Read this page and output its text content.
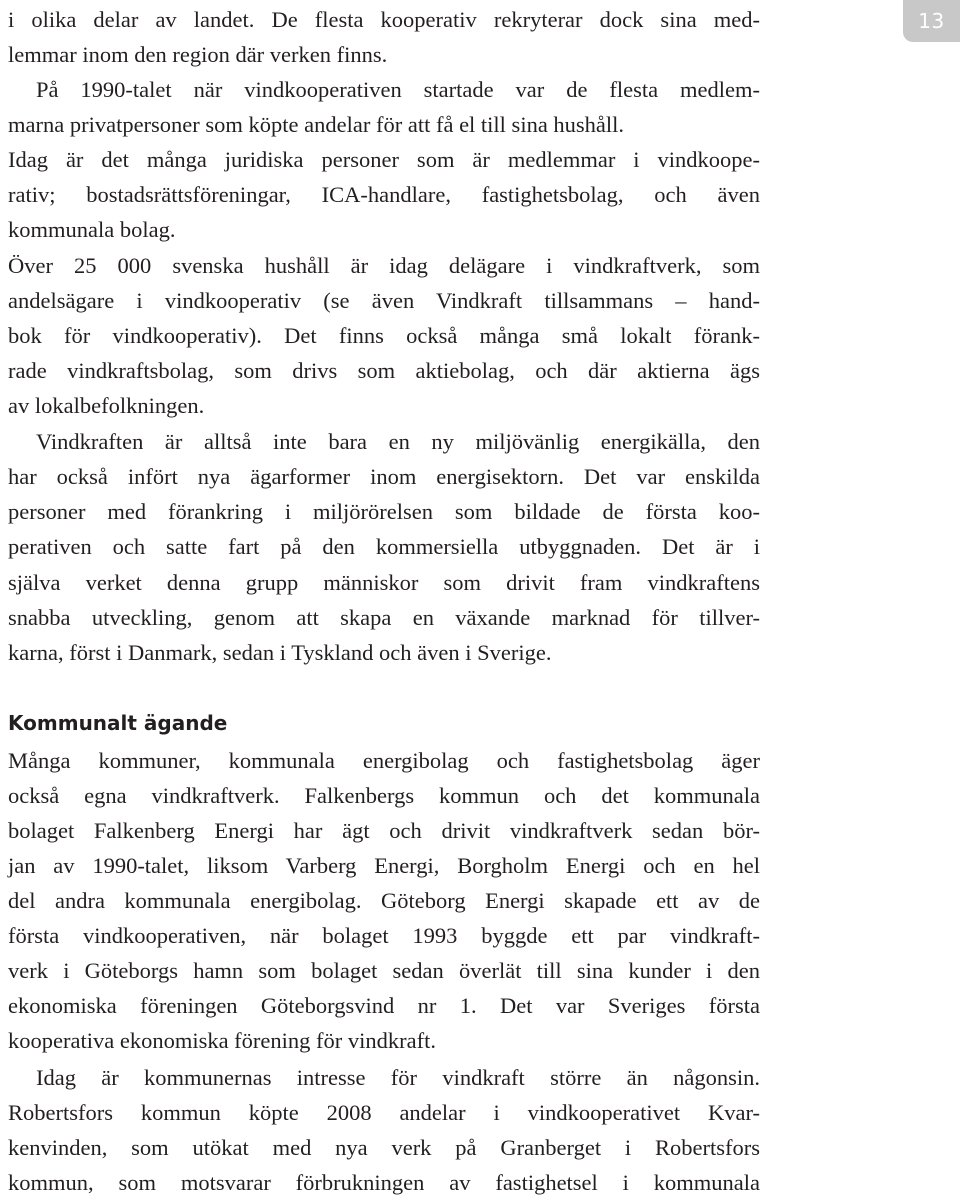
13
i olika delar av landet. De flesta kooperativ rekryterar dock sina med-
lemmar inom den region där verken finns.
På 1990-talet när vindkooperativen startade var de flesta medlem-
marna privatpersoner som köpte andelar för att få el till sina hushåll.
Idag är det många juridiska personer som är medlemmar i vindkoope-
rativ; bostadsrättsföreningar, ICA-handlare, fastighetsbolag, och även
kommunala bolag.
Över 25 000 svenska hushåll är idag delägare i vindkraftverk, som
andelsägare i vindkooperativ (se även Vindkraft tillsammans – hand-
bok för vindkooperativ). Det finns också många små lokalt förank-
rade vindkraftsbolag, som drivs som aktiebolag, och där aktierna ägs
av lokalbefolkningen.
Vindkraften är alltså inte bara en ny miljövänlig energikälla, den
har också infört nya ägarformer inom energisektorn. Det var enskilda
personer med förankring i miljörörelsen som bildade de första koo-
perativen och satte fart på den kommersiella utbyggnaden. Det är i
själva verket denna grupp människor som drivit fram vindkraftens
snabba utveckling, genom att skapa en växande marknad för tillver-
karna, först i Danmark, sedan i Tyskland och även i Sverige.
Många kommuner, kommunala energibolag och fastighetsbolag äger
också egna vindkraftverk. Falkenbergs kommun och det kommunala
bolaget Falkenberg Energi har ägt och drivit vindkraftverk sedan bör-
jan av 1990-talet, liksom Varberg Energi, Borgholm Energi och en hel
del andra kommunala energibolag. Göteborg Energi skapade ett av de
första vindkooperativen, när bolaget 1993 byggde ett par vindkraft-
verk i Göteborgs hamn som bolaget sedan överlät till sina kunder i den
ekonomiska föreningen Göteborgsvind nr 1. Det var Sveriges första
kooperativa ekonomiska förening för vindkraft.
Idag är kommunernas intresse för vindkraft större än någonsin.
Robertsfors kommun köpte 2008 andelar i vindkooperativet Kvar-
kenvinden, som utökat med nya verk på Granberget i Robertsfors
kommun, som motsvarar förbrukningen av fastighetsel i kommunala
Kommunalt ägande
